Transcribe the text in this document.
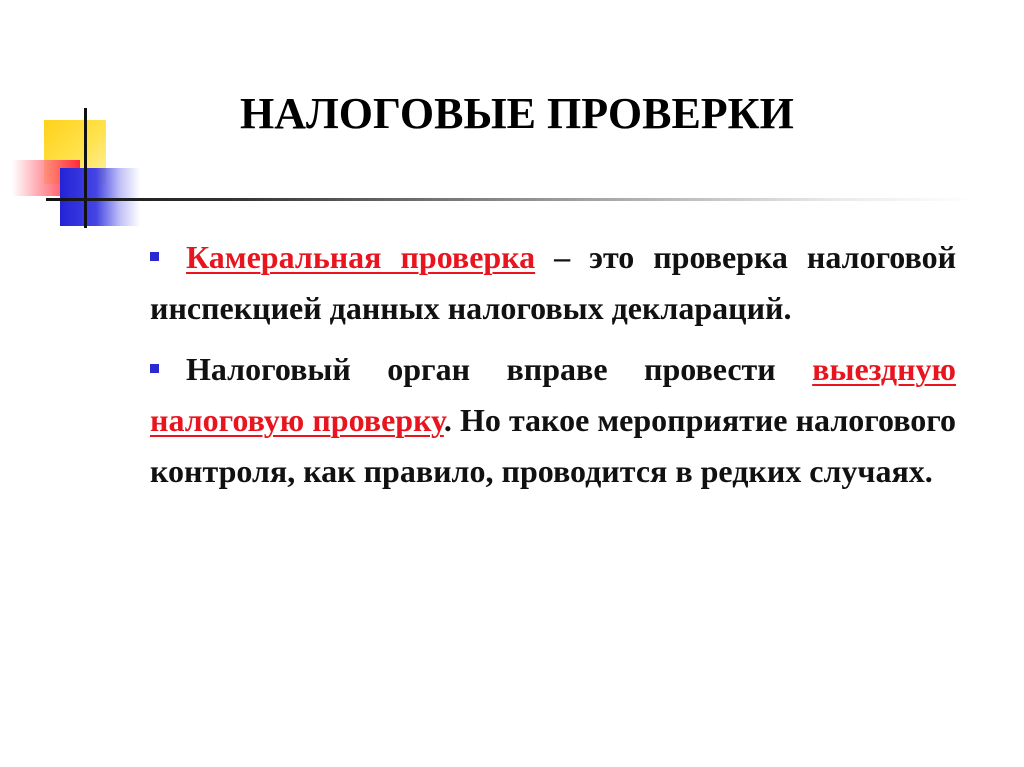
НАЛОГОВЫЕ ПРОВЕРКИ

Камеральная проверка – это проверка налоговой инспекцией данных налоговых деклараций.

Налоговый орган вправе провести выездную налоговую проверку. Но такое мероприятие налогового контроля, как правило, проводится в редких случаях.
